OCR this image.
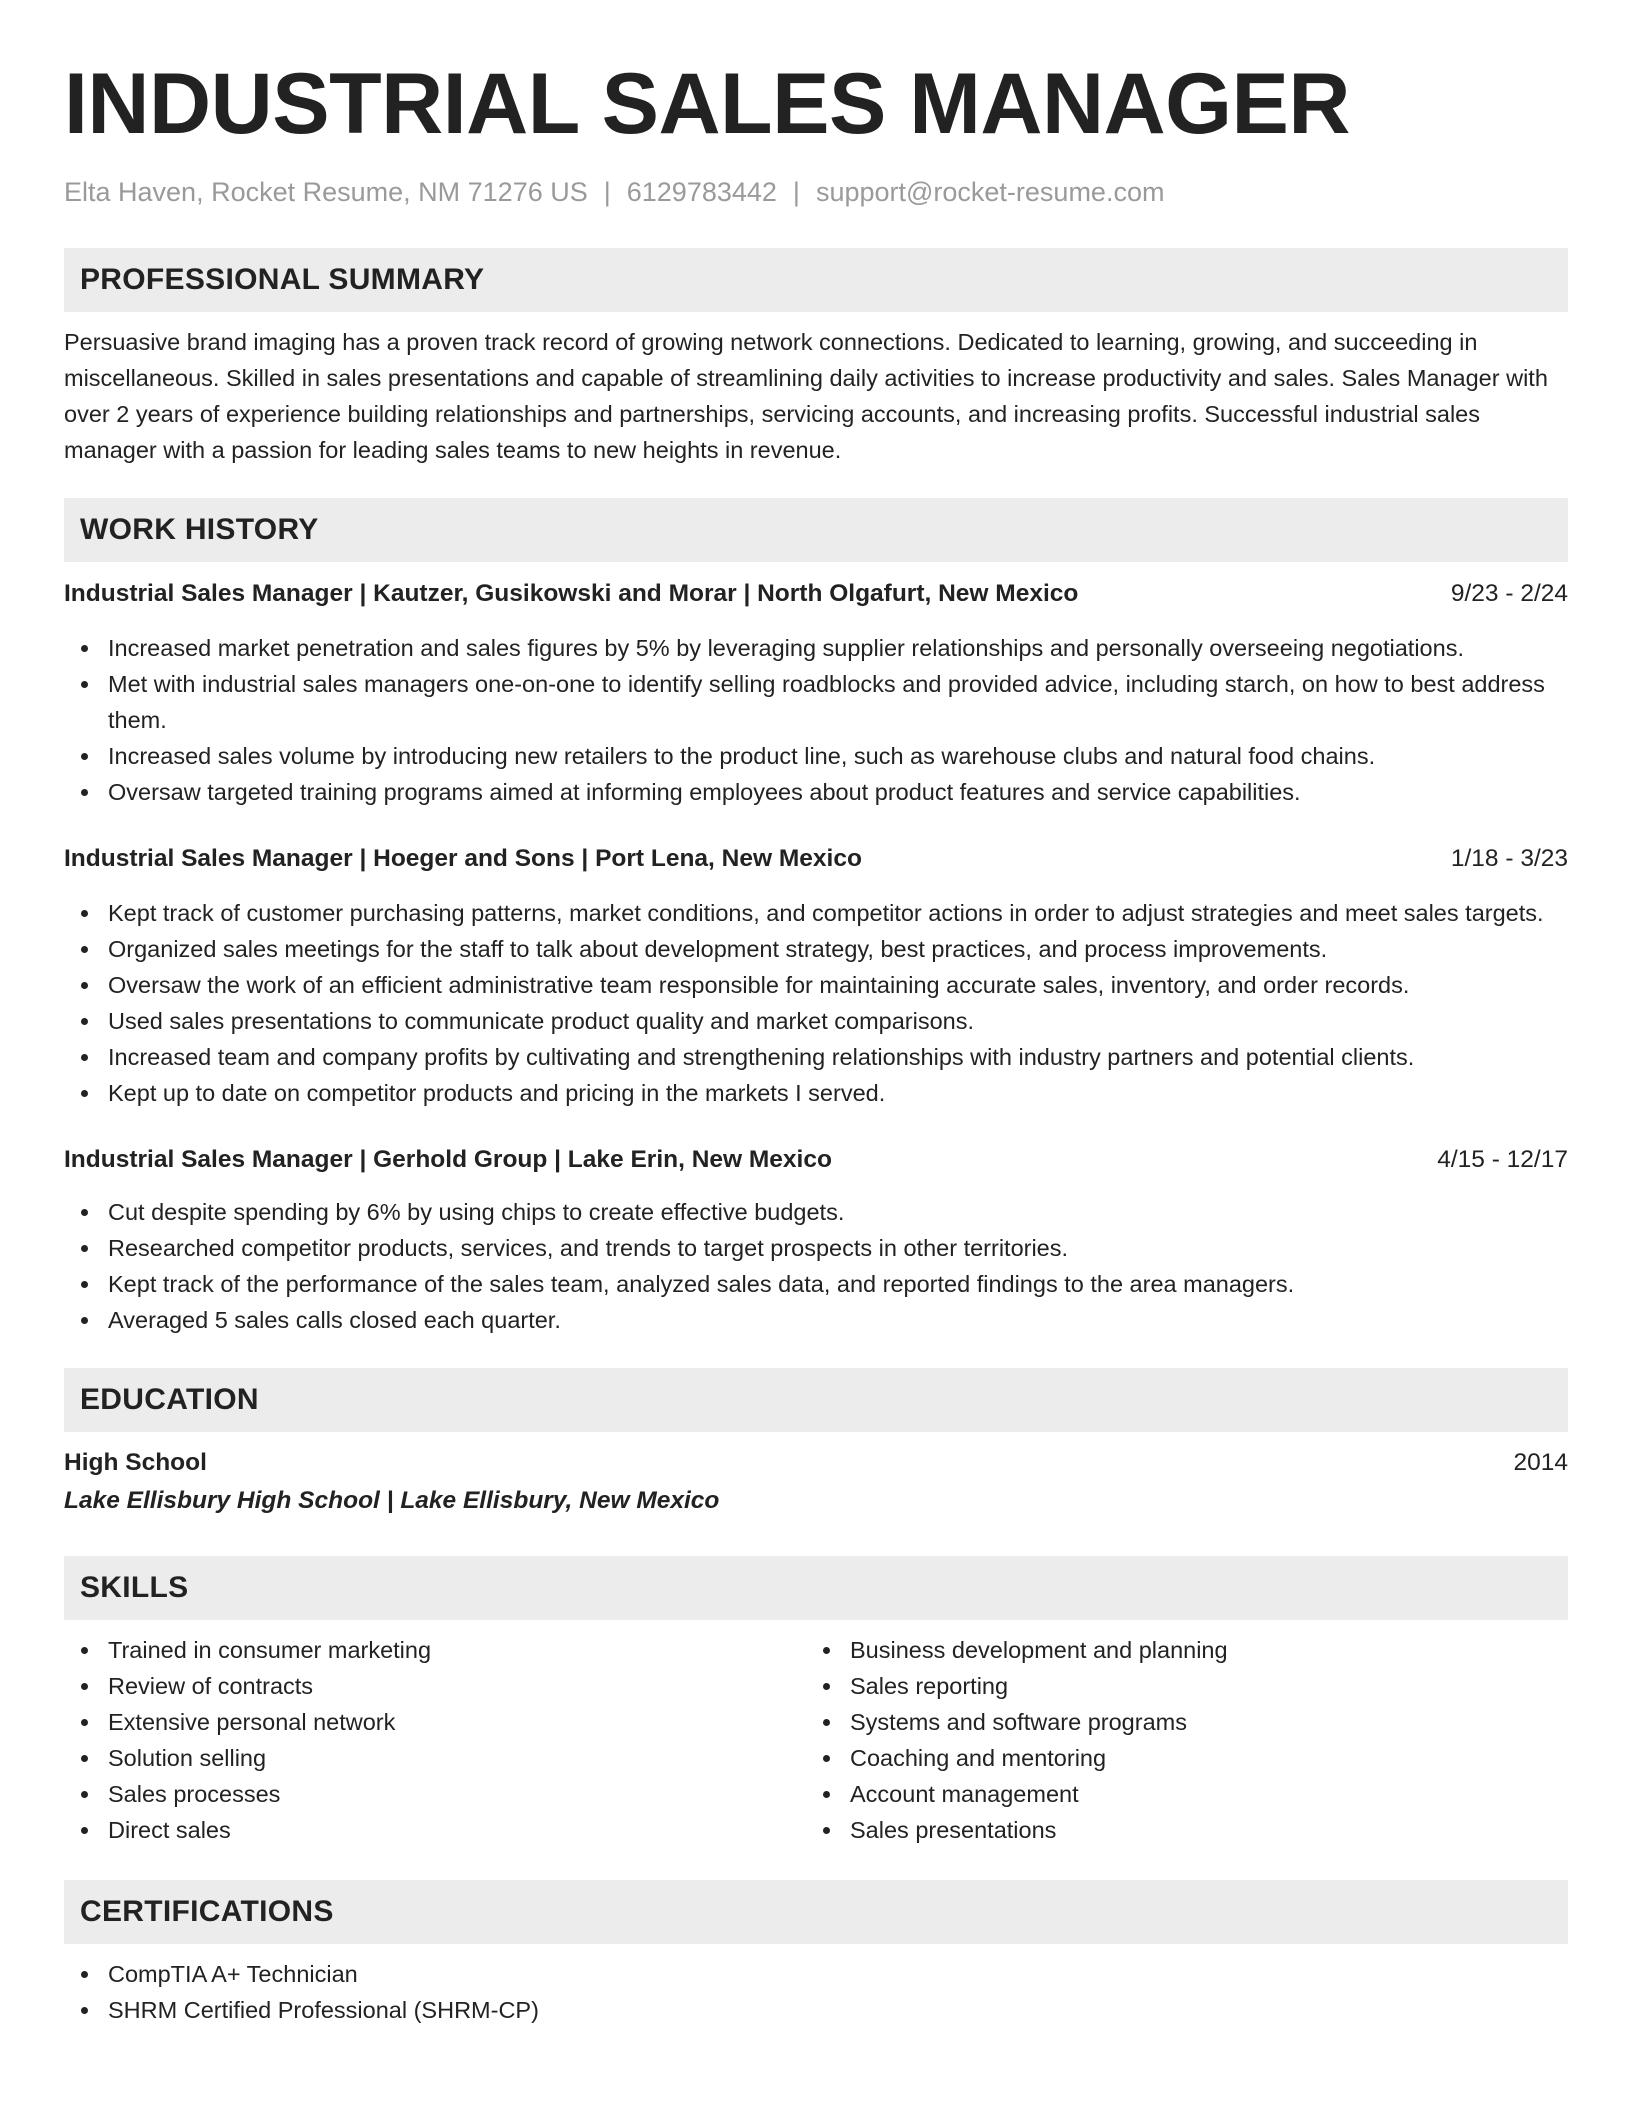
INDUSTRIAL SALES MANAGER
Elta Haven, Rocket Resume, NM 71276 US | 6129783442 | support@rocket-resume.com
PROFESSIONAL SUMMARY
Persuasive brand imaging has a proven track record of growing network connections. Dedicated to learning, growing, and succeeding in miscellaneous. Skilled in sales presentations and capable of streamlining daily activities to increase productivity and sales. Sales Manager with over 2 years of experience building relationships and partnerships, servicing accounts, and increasing profits. Successful industrial sales manager with a passion for leading sales teams to new heights in revenue.
WORK HISTORY
Industrial Sales Manager | Kautzer, Gusikowski and Morar | North Olgafurt, New Mexico	9/23 - 2/24
Increased market penetration and sales figures by 5% by leveraging supplier relationships and personally overseeing negotiations.
Met with industrial sales managers one-on-one to identify selling roadblocks and provided advice, including starch, on how to best address them.
Increased sales volume by introducing new retailers to the product line, such as warehouse clubs and natural food chains.
Oversaw targeted training programs aimed at informing employees about product features and service capabilities.
Industrial Sales Manager | Hoeger and Sons | Port Lena, New Mexico	1/18 - 3/23
Kept track of customer purchasing patterns, market conditions, and competitor actions in order to adjust strategies and meet sales targets.
Organized sales meetings for the staff to talk about development strategy, best practices, and process improvements.
Oversaw the work of an efficient administrative team responsible for maintaining accurate sales, inventory, and order records.
Used sales presentations to communicate product quality and market comparisons.
Increased team and company profits by cultivating and strengthening relationships with industry partners and potential clients.
Kept up to date on competitor products and pricing in the markets I served.
Industrial Sales Manager | Gerhold Group | Lake Erin, New Mexico	4/15 - 12/17
Cut despite spending by 6% by using chips to create effective budgets.
Researched competitor products, services, and trends to target prospects in other territories.
Kept track of the performance of the sales team, analyzed sales data, and reported findings to the area managers.
Averaged 5 sales calls closed each quarter.
EDUCATION
High School	2014
Lake Ellisbury High School | Lake Ellisbury, New Mexico
SKILLS
Trained in consumer marketing
Review of contracts
Extensive personal network
Solution selling
Sales processes
Direct sales
Business development and planning
Sales reporting
Systems and software programs
Coaching and mentoring
Account management
Sales presentations
CERTIFICATIONS
CompTIA A+ Technician
SHRM Certified Professional (SHRM-CP)
